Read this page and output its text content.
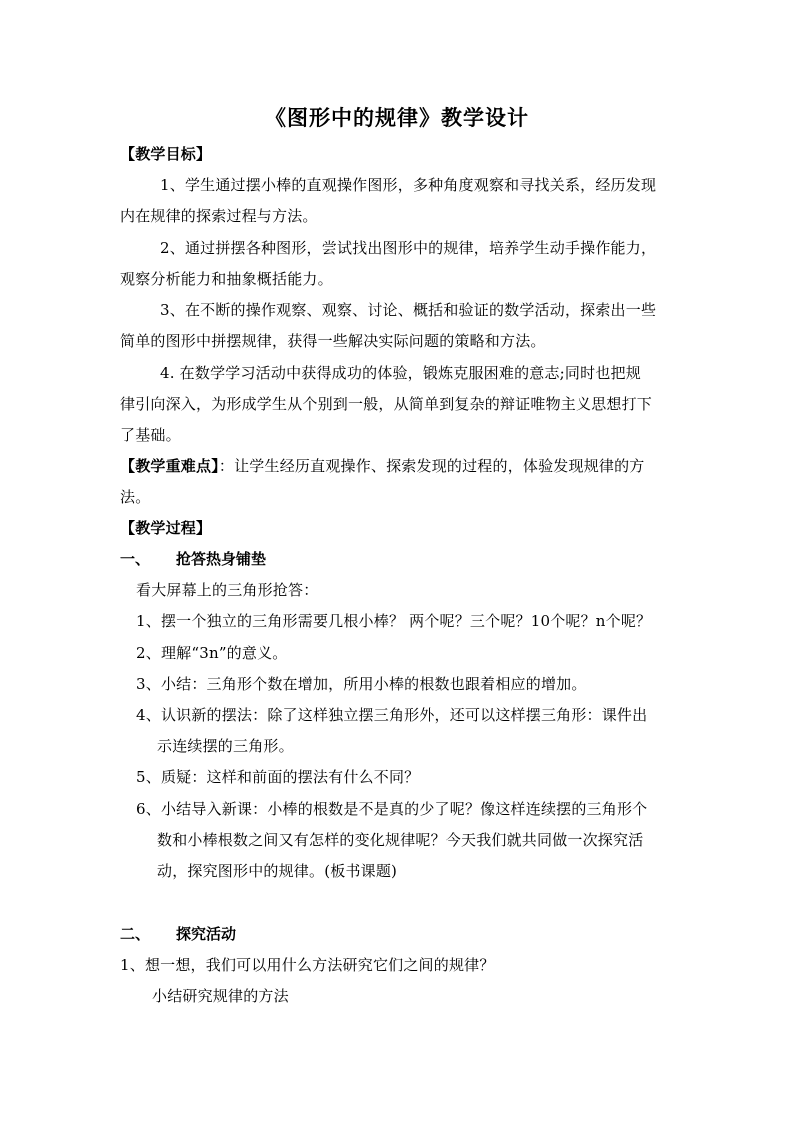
《图形中的规律》教学设计
【教学目标】
1、学生通过摆小棒的直观操作图形，多种角度观察和寻找关系，经历发现
内在规律的探索过程与方法。
2、通过拼摆各种图形，尝试找出图形中的规律，培养学生动手操作能力，
观察分析能力和抽象概括能力。
3、在不断的操作观察、观察、讨论、概括和验证的数学活动，探索出一些
简单的图形中拼摆规律，获得一些解决实际问题的策略和方法。
4. 在数学学习活动中获得成功的体验，锻炼克服困难的意志;同时也把规
律引向深入，为形成学生从个别到一般，从简单到复杂的辩证唯物主义思想打下
了基础。
【教学重难点】：让学生经历直观操作、探索发现的过程的，体验发现规律的方
法。
【教学过程】
一、 抢答热身铺垫
看大屏幕上的三角形抢答：
1、摆一个独立的三角形需要几根小棒？ 两个呢？三个呢？10个呢？n个呢？
2、理解“3n”的意义。
3、小结：三角形个数在增加，所用小棒的根数也跟着相应的增加。
4、认识新的摆法：除了这样独立摆三角形外，还可以这样摆三角形：课件出
示连续摆的三角形。
5、质疑：这样和前面的摆法有什么不同？
6、小结导入新课：小棒的根数是不是真的少了呢？像这样连续摆的三角形个
数和小棒根数之间又有怎样的变化规律呢？今天我们就共同做一次探究活
动，探究图形中的规律。(板书课题)
二、 探究活动
1、想一想，我们可以用什么方法研究它们之间的规律？
小结研究规律的方法
